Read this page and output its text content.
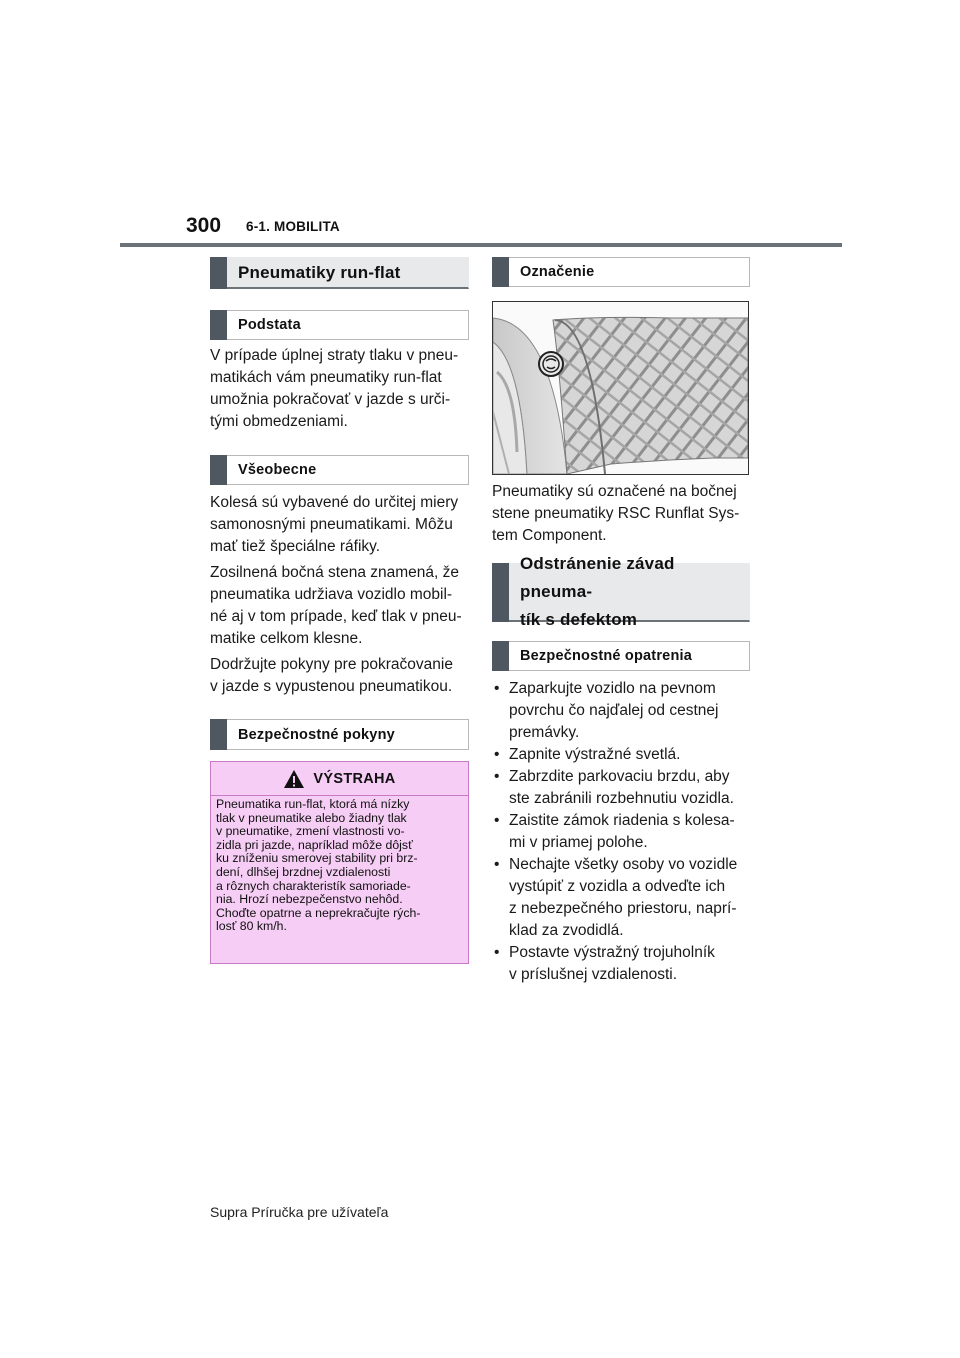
300 6-1. MOBILITA
Pneumatiky run-flat
Podstata

V prípade úplnej straty tlaku v pneu-
matikách vám pneumatiky run-flat
umožnia pokračovať v jazde s urči-
tými obmedzeniami.

Všeobecne

Kolesá sú vybavené do určitej miery
samonosnými pneumatikami. Môžu
mať tiež špeciálne ráfiky.

Zosilnená bočná stena znamená, že
pneumatika udržiava vozidlo mobil-
né aj v tom prípade, keď tlak v pneu-
matike celkom klesne.

Dodržujte pokyny pre pokračovanie
v jazde s vypustenou pneumatikou.

Bezpečnostné pokyny
VÝSTRAHA

Pneumatika run-flat, ktorá má nízky
tlak v pneumatike alebo žiadny tlak
v pneumatike, zmení vlastnosti vo-
zidla pri jazde, napríklad môže dôjsť
ku zníženiu smerovej stability pri brz-
dení, dlhšej brzdnej vzdialenosti
a rôznych charakteristík samoriade-
nia. Hrozí nebezpečenstvo nehôd.
Choďte opatrne a neprekračujte rých-
losť 80 km/h.

Označenie

Pneumatiky sú označené na bočnej
stene pneumatiky RSC Runflat Sys-
tem Component.

Odstránenie závad pneuma-
tík s defektom
Bezpečnostné opatrenia
• Zaparkujte vozidlo na pevnom
povrchu čo najďalej od cestnej
premávky.
• Zapnite výstražné svetlá.
• Zabrzdite parkovaciu brzdu, aby
ste zabránili rozbehnutiu vozidla.
• Zaistite zámok riadenia s kolesa-
mi v priamej polohe.
• Nechajte všetky osoby vo vozidle
vystúpiť z vozidla a odveďte ich
z nebezpečného priestoru, naprí-
klad za zvodidlá.
• Postavte výstražný trojuholník
v príslušnej vzdialenosti.
Supra Príručka pre užívateľa
